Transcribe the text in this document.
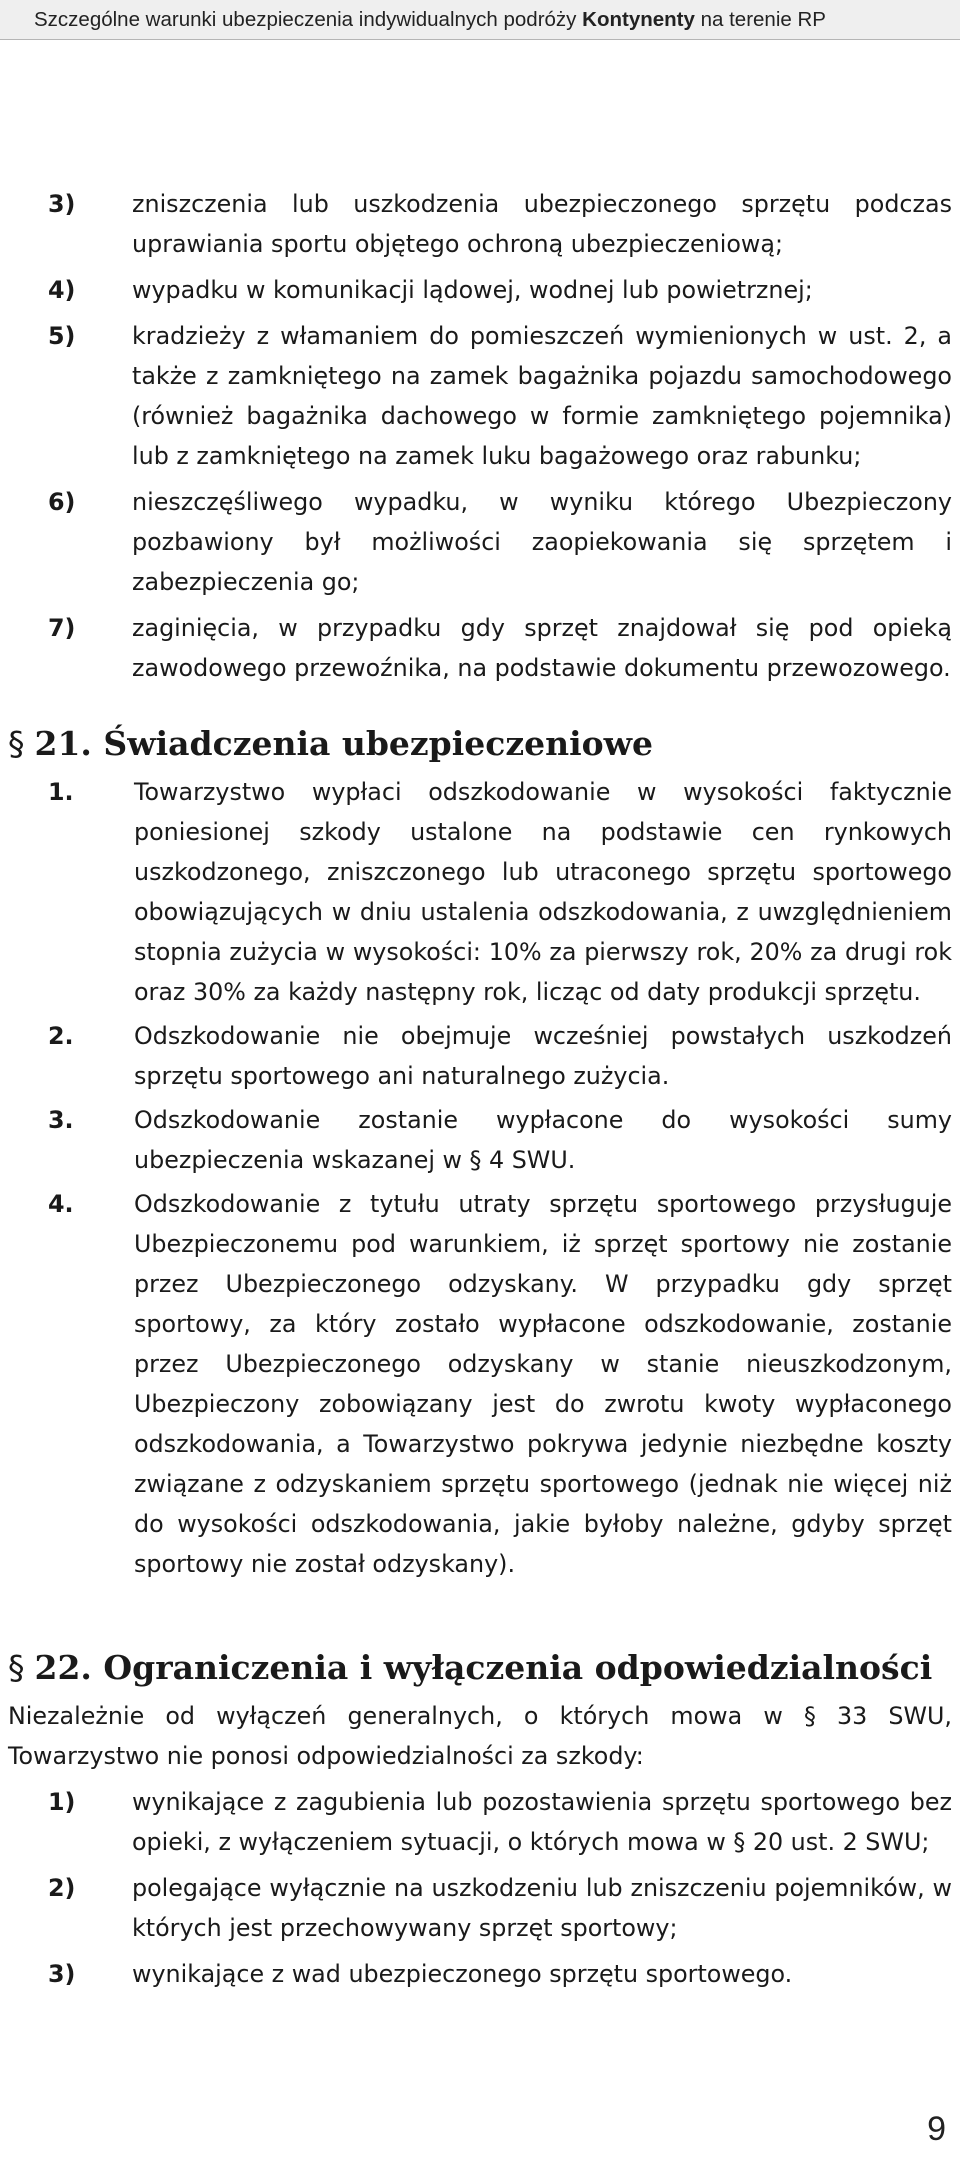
Szczególne warunki ubezpieczenia indywidualnych podróży Kontynenty na terenie RP
3)	zniszczenia lub uszkodzenia ubezpieczonego sprzętu podczas uprawiania sportu objętego ochroną ubezpieczeniową;
4)	wypadku w komunikacji lądowej, wodnej lub powietrznej;
5)	kradzieży z włamaniem do pomieszczeń wymienionych w ust. 2, a także z zamkniętego na zamek bagażnika pojazdu samochodowego (również bagażnika dachowego w formie zamkniętego pojemnika) lub z zamkniętego na zamek luku bagażowego oraz rabunku;
6)	nieszczęśliwego wypadku, w wyniku którego Ubezpieczony pozbawiony był możliwości zaopiekowania się sprzętem i zabezpieczenia go;
7)	zaginięcia, w przypadku gdy sprzęt znajdował się pod opieką zawodowego przewoźnika, na podstawie dokumentu przewozowego.
§ 21. Świadczenia ubezpieczeniowe
1.	Towarzystwo wypłaci odszkodowanie w wysokości faktycznie poniesionej szkody ustalone na podstawie cen rynkowych uszkodzonego, zniszczonego lub utraconego sprzętu sportowego obowiązujących w dniu ustalenia odszkodowania, z uwzględnieniem stopnia zużycia w wysokości: 10% za pierwszy rok, 20% za drugi rok oraz 30% za każdy następny rok, licząc od daty produkcji sprzętu.
2.	Odszkodowanie nie obejmuje wcześniej powstałych uszkodzeń sprzętu sportowego ani naturalnego zużycia.
3.	Odszkodowanie zostanie wypłacone do wysokości sumy ubezpieczenia wskazanej w § 4 SWU.
4.	Odszkodowanie z tytułu utraty sprzętu sportowego przysługuje Ubezpieczonemu pod warunkiem, iż sprzęt sportowy nie zostanie przez Ubezpieczonego odzyskany. W przypadku gdy sprzęt sportowy, za który zostało wypłacone odszkodowanie, zostanie przez Ubezpieczonego odzyskany w stanie nieuszkodzonym, Ubezpieczony zobowiązany jest do zwrotu kwoty wypłaconego odszkodowania, a Towarzystwo pokrywa jedynie niezbędne koszty związane z odzyskaniem sprzętu sportowego (jednak nie więcej niż do wysokości odszkodowania, jakie byłoby należne, gdyby sprzęt sportowy nie został odzyskany).
§ 22. Ograniczenia i wyłączenia odpowiedzialności
Niezależnie od wyłączeń generalnych, o których mowa w § 33 SWU, Towarzystwo nie ponosi odpowiedzialności za szkody:
1)	wynikające z zagubienia lub pozostawienia sprzętu sportowego bez opieki, z wyłączeniem sytuacji, o których mowa w § 20 ust. 2 SWU;
2)	polegające wyłącznie na uszkodzeniu lub zniszczeniu pojemników, w których jest przechowywany sprzęt sportowy;
3)	wynikające z wad ubezpieczonego sprzętu sportowego.
9
